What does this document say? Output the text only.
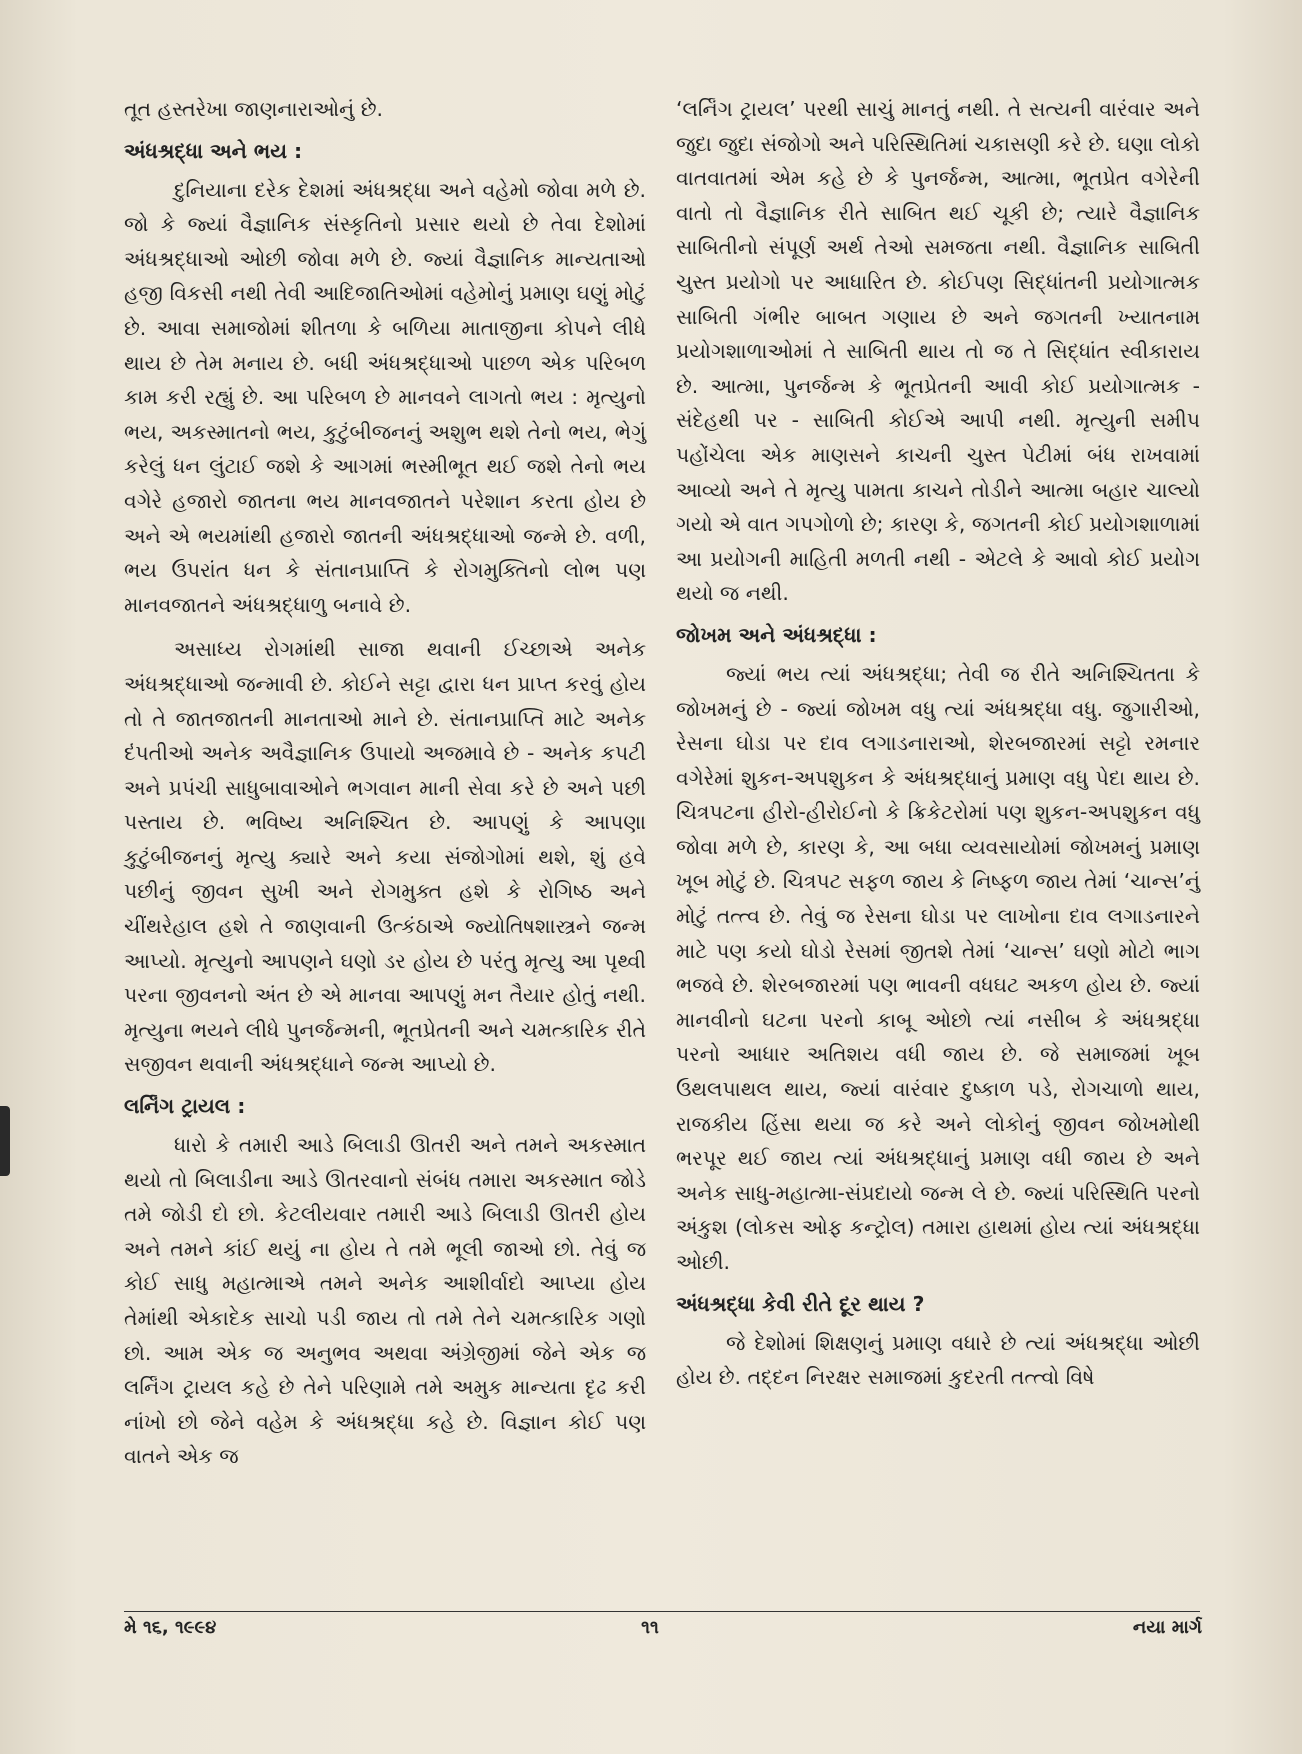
તૂત હસ્તરેખા જાણનારાઓનું છે.

અંધશ્રદ્ધા અને ભય :

દુનિયાના દરેક દેશમાં અંધશ્રદ્ધા અને વહેમો જોવા મળે છે. જો કે જ્યાં વૈજ્ઞાનિક સંસ્કૃતિનો પ્રસાર થયો છે તેવા દેશોમાં અંધશ્રદ્ધાઓ ઓછી જોવા મળે છે. જ્યાં વૈજ્ઞાનિક માન્યતાઓ હજી વિકસી નથી તેવી આદિજાતિઓમાં વહેમોનું પ્રમાણ ઘણું મોટું છે. આવા સમાજોમાં શીતળા કે બળિયા માતાજીના કોપને લીધે થાય છે તેમ મનાય છે. બધી અંધશ્રદ્ધાઓ પાછળ એક પરિબળ કામ કરી રહ્યું છે. આ પરિબળ છે માનવને લાગતો ભય : મૃત્યુનો ભય, અકસ્માતનો ભય, કુટુંબીજનનું અશુભ થશે તેનો ભય, ભેગું કરેલું ધન લુંટાઈ જશે કે આગમાં ભસ્મીભૂત થઈ જશે તેનો ભય વગેરે હજારો જાતના ભય માનવજાતને પરેશાન કરતા હોય છે અને એ ભયમાંથી હજારો જાતની અંધશ્રદ્ધાઓ જન્મે છે. વળી, ભય ઉપરાંત ધન કે સંતાનપ્રાપ્તિ કે રોગમુક્તિનો લોભ પણ માનવજાતને અંધશ્રદ્ધાળુ બનાવે છે.

અસાધ્ય રોગમાંથી સાજા થવાની ઈચ્છાએ અનેક અંધશ્રદ્ધાઓ જન્માવી છે. કોઈને સટ્ટા દ્વારા ધન પ્રાપ્ત કરવું હોય તો તે જાતજાતની માનતાઓ માને છે. સંતાનપ્રાપ્તિ માટે અનેક દંપતીઓ અનેક અવૈજ્ઞાનિક ઉપાયો અજમાવે છે - અનેક કપટી અને પ્રપંચી સાધુબાવાઓને ભગવાન માની સેવા કરે છે અને પછી પસ્તાય છે. ભવિષ્ય અનિશ્ચિત છે. આપણું કે આપણા કુટુંબીજનનું મૃત્યુ ક્યારે અને કયા સંજોગોમાં થશે, શું હવે પછીનું જીવન સુખી અને રોગમુક્ત હશે કે રોગિષ્ઠ અને ચીંથરેહાલ હશે તે જાણવાની ઉત્કંઠાએ જ્યોતિષશાસ્ત્રને જન્મ આપ્યો. મૃત્યુનો આપણને ઘણો ડર હોય છે પરંતુ મૃત્યુ આ પૃથ્વી પરના જીવનનો અંત છે એ માનવા આપણું મન તૈયાર હોતું નથી. મૃત્યુના ભયને લીધે પુનર્જન્મની, ભૂતપ્રેતની અને ચમત્કારિક રીતે સજીવન થવાની અંધશ્રદ્ધાને જન્મ આપ્યો છે.

લર્નિંગ ટ્રાયલ :

ધારો કે તમારી આડે બિલાડી ઊતરી અને તમને અકસ્માત થયો તો બિલાડીના આડે ઊતરવાનો સંબંધ તમારા અકસ્માત જોડે તમે જોડી દો છો. કેટલીયવાર તમારી આડે બિલાડી ઊતરી હોય અને તમને કાંઈ થયું ના હોય તે તમે ભૂલી જાઓ છો. તેવું જ કોઈ સાધુ મહાત્માએ તમને અનેક આશીર્વાદો આપ્યા હોય તેમાંથી એકાદેક સાચો પડી જાય તો તમે તેને ચમત્કારિક ગણો છો. આમ એક જ અનુભવ અથવા અંગ્રેજીમાં જેને એક જ લર્નિંગ ટ્રાયલ કહે છે તેને પરિણામે તમે અમુક માન્યતા દૃઢ કરી નાંખો છો જેને વહેમ કે અંધશ્રદ્ધા કહે છે. વિજ્ઞાન કોઈ પણ વાતને એક જ

‘લર્નિંગ ટ્રાયલ’ પરથી સાચું માનતું નથી. તે સત્યની વારંવાર અને જુદા જુદા સંજોગો અને પરિસ્થિતિમાં ચકાસણી કરે છે. ઘણા લોકો વાતવાતમાં એમ કહે છે કે પુનર્જન્મ, આત્મા, ભૂતપ્રેત વગેરેની વાતો તો વૈજ્ઞાનિક રીતે સાબિત થઈ ચૂકી છે; ત્યારે વૈજ્ઞાનિક સાબિતીનો સંપૂર્ણ અર્થ તેઓ સમજતા નથી. વૈજ્ઞાનિક સાબિતી ચુસ્ત પ્રયોગો પર આધારિત છે. કોઈપણ સિદ્ધાંતની પ્રયોગાત્મક સાબિતી ગંભીર બાબત ગણાય છે અને જગતની ખ્યાતનામ પ્રયોગશાળાઓમાં તે સાબિતી થાય તો જ તે સિદ્ધાંત સ્વીકારાય છે. આત્મા, પુનર્જન્મ કે ભૂતપ્રેતની આવી કોઈ પ્રયોગાત્મક - સંદેહથી પર - સાબિતી કોઈએ આપી નથી. મૃત્યુની સમીપ પહોંચેલા એક માણસને કાચની ચુસ્ત પેટીમાં બંધ રાખવામાં આવ્યો અને તે મૃત્યુ પામતા કાચને તોડીને આત્મા બહાર ચાલ્યો ગયો એ વાત ગપગોળો છે; કારણ કે, જગતની કોઈ પ્રયોગશાળામાં આ પ્રયોગની માહિતી મળતી નથી - એટલે કે આવો કોઈ પ્રયોગ થયો જ નથી.

જોખમ અને અંધશ્રદ્ધા :

જ્યાં ભય ત્યાં અંધશ્રદ્ધા; તેવી જ રીતે અનિશ્ચિતતા કે જોખમનું છે - જ્યાં જોખમ વધુ ત્યાં અંધશ્રદ્ધા વધુ. જુગારીઓ, રેસના ઘોડા પર દાવ લગાડનારાઓ, શેરબજારમાં સટ્ટો રમનાર વગેરેમાં શુકન-અપશુકન કે અંધશ્રદ્ધાનું પ્રમાણ વધુ પેદા થાય છે. ચિત્રપટના હીરો-હીરોઈનો કે ક્રિકેટરોમાં પણ શુકન-અપશુકન વધુ જોવા મળે છે, કારણ કે, આ બધા વ્યવસાયોમાં જોખમનું પ્રમાણ ખૂબ મોટું છે. ચિત્રપટ સફળ જાય કે નિષ્ફળ જાય તેમાં ‘ચાન્સ’નું મોટું તત્ત્વ છે. તેવું જ રેસના ઘોડા પર લાખોના દાવ લગાડનારને માટે પણ કયો ઘોડો રેસમાં જીતશે તેમાં ‘ચાન્સ’ ઘણો મોટો ભાગ ભજવે છે. શેરબજારમાં પણ ભાવની વધઘટ અકળ હોય છે. જ્યાં માનવીનો ઘટના પરનો કાબૂ ઓછો ત્યાં નસીબ કે અંધશ્રદ્ધા પરનો આધાર અતિશય વધી જાય છે. જે સમાજમાં ખૂબ ઉથલપાથલ થાય, જ્યાં વારંવાર દુષ્કાળ પડે, રોગચાળો થાય, રાજકીય હિંસા થયા જ કરે અને લોકોનું જીવન જોખમોથી ભરપૂર થઈ જાય ત્યાં અંધશ્રદ્ધાનું પ્રમાણ વધી જાય છે અને અનેક સાધુ-મહાત્મા-સંપ્રદાયો જન્મ લે છે. જ્યાં પરિસ્થિતિ પરનો અંકુશ (લોકસ ઓફ કન્ટ્રોલ) તમારા હાથમાં હોય ત્યાં અંધશ્રદ્ધા ઓછી.

અંધશ્રદ્ધા કેવી રીતે દૂર થાય ?

જે દેશોમાં શિક્ષણનું પ્રમાણ વધારે છે ત્યાં અંધશ્રદ્ધા ઓછી હોય છે. તદ્દન નિરક્ષર સમાજમાં કુદરતી તત્ત્વો વિષે

મે ૧૬, ૧૯૯૪	૧૧	નયા માર્ગ
